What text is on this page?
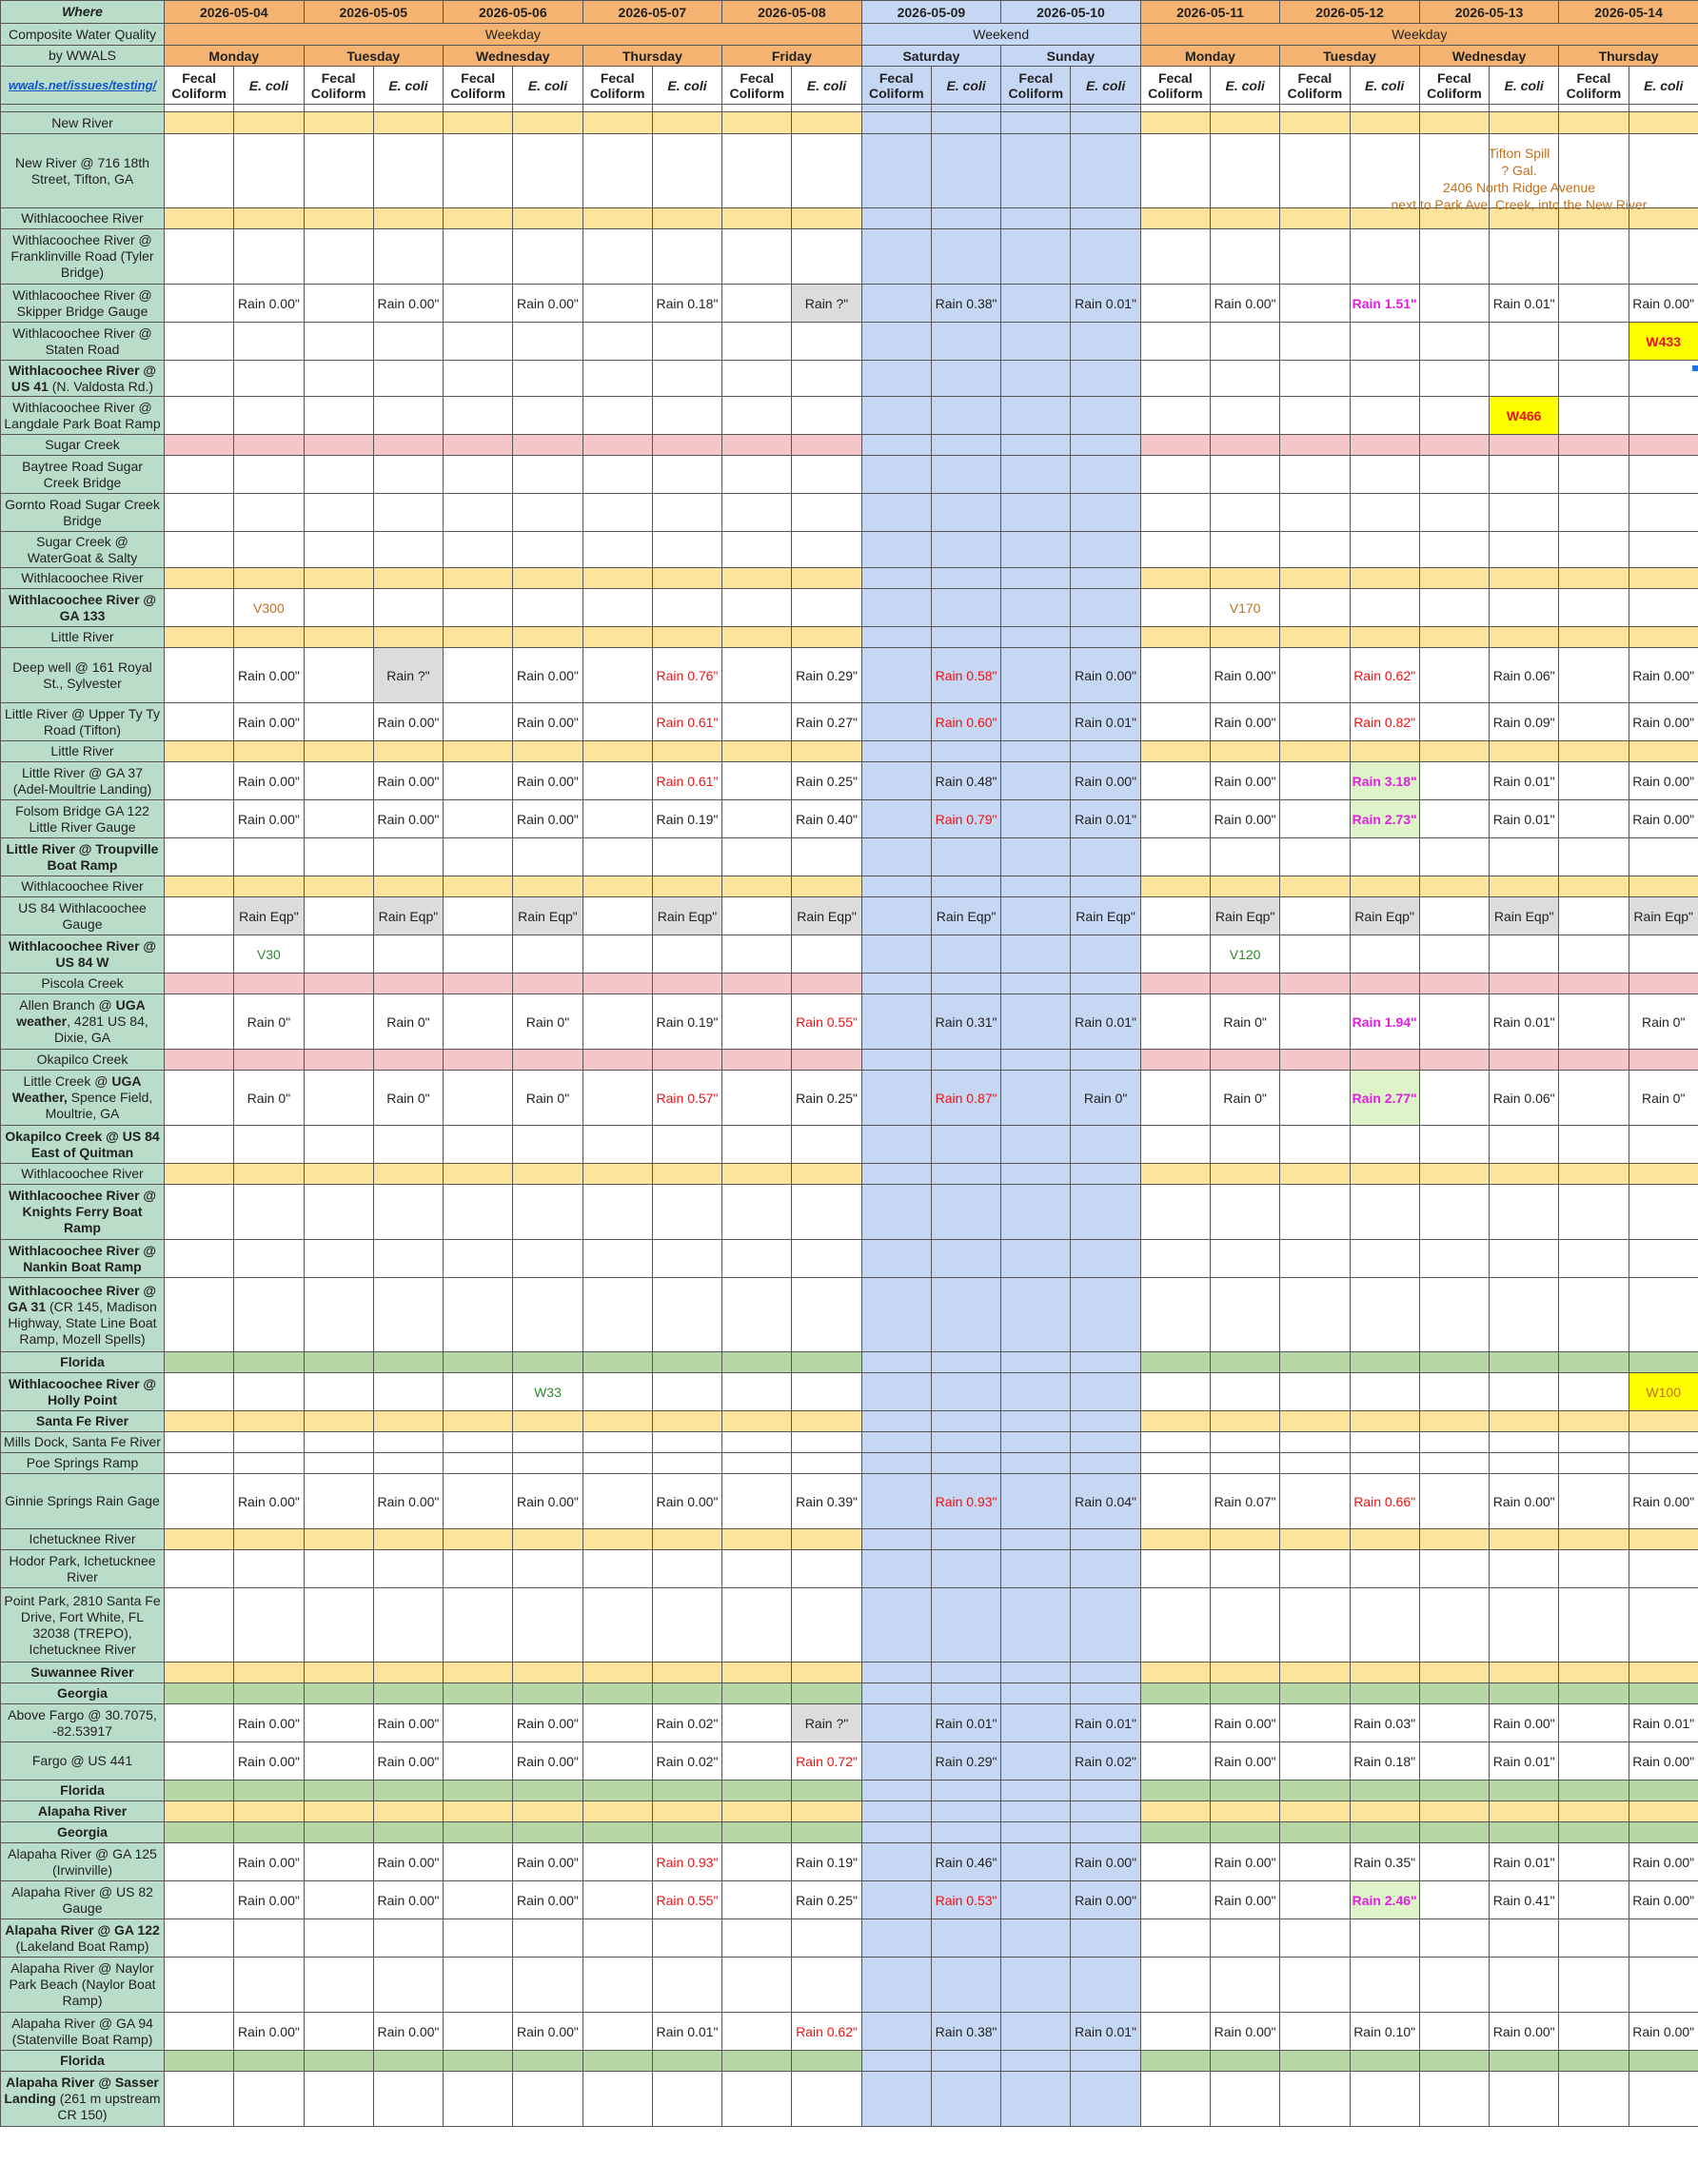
Where	2026-05-04		2026-05-05		2026-05-06		2026-05-07		2026-05-08		2026-05-09		2026-05-10		2026-05-11		2026-05-12		2026-05-13		2026-05-14	
Composite Water Quality	Weekday										Weekend				Weekday							
by WWALS	Monday		Tuesday		Wednesday		Thursday		Friday		Saturday		Sunday		Monday		Tuesday		Wednesday		Thursday	
wwals.net/issues/testing/	Fecal Coliform	E. coli	Fecal Coliform	E. coli	Fecal Coliform	E. coli	Fecal Coliform	E. coli	Fecal Coliform	E. coli	Fecal Coliform	E. coli	Fecal Coliform	E. coli	Fecal Coliform	E. coli	Fecal Coliform	E. coli	Fecal Coliform	E. coli	Fecal Coliform	E. coli

New River																						
New River @ 716 18th Street, Tifton, GA																						
Withlacoochee River																						
Withlacoochee River @ Franklinville Road (Tyler Bridge)																						
Withlacoochee River @ Skipper Bridge Gauge		Rain 0.00"		Rain 0.00"		Rain 0.00"		Rain 0.18"		Rain ?"		Rain 0.38"		Rain 0.01"		Rain 0.00"		Rain 1.51"		Rain 0.01"		Rain 0.00"
Withlacoochee River @ Staten Road																						W433
Withlacoochee River @ US 41 (N. Valdosta Rd.)																						
Withlacoochee River @ Langdale Park Boat Ramp																				W466		
Sugar Creek																						
Baytree Road Sugar Creek Bridge																						
Gornto Road Sugar Creek Bridge																						
Sugar Creek @ WaterGoat & Salty																						
Withlacoochee River																						
Withlacoochee River @ GA 133		V300														V170						
Little River																						
Deep well @ 161 Royal St., Sylvester		Rain 0.00"		Rain ?"		Rain 0.00"		Rain 0.76"		Rain 0.29"		Rain 0.58"		Rain 0.00"		Rain 0.00"		Rain 0.62"		Rain 0.06"		Rain 0.00"
Little River @ Upper Ty Ty Road (Tifton)		Rain 0.00"		Rain 0.00"		Rain 0.00"		Rain 0.61"		Rain 0.27"		Rain 0.60"		Rain 0.01"		Rain 0.00"		Rain 0.82"		Rain 0.09"		Rain 0.00"
Little River																						
Little River @ GA 37 (Adel-Moultrie Landing)		Rain 0.00"		Rain 0.00"		Rain 0.00"		Rain 0.61"		Rain 0.25"		Rain 0.48"		Rain 0.00"		Rain 0.00"		Rain 3.18"		Rain 0.01"		Rain 0.00"
Folsom Bridge GA 122 Little River Gauge		Rain 0.00"		Rain 0.00"		Rain 0.00"		Rain 0.19"		Rain 0.40"		Rain 0.79"		Rain 0.01"		Rain 0.00"		Rain 2.73"		Rain 0.01"		Rain 0.00"
Little River @ Troupville Boat Ramp																						
Withlacoochee River																						
US 84 Withlacoochee Gauge		Rain Eqp"		Rain Eqp"		Rain Eqp"		Rain Eqp"		Rain Eqp"		Rain Eqp"		Rain Eqp"		Rain Eqp"		Rain Eqp"		Rain Eqp"		Rain Eqp"
Withlacoochee River @ US 84 W		V30														V120						
Piscola Creek																						
Allen Branch @ UGA weather, 4281 US 84, Dixie, GA		Rain 0"		Rain 0"		Rain 0"		Rain 0.19"		Rain 0.55"		Rain 0.31"		Rain 0.01"		Rain 0"		Rain 1.94"		Rain 0.01"		Rain 0"
Okapilco Creek																						
Little Creek @ UGA Weather, Spence Field, Moultrie, GA		Rain 0"		Rain 0"		Rain 0"		Rain 0.57"		Rain 0.25"		Rain 0.87"		Rain 0"		Rain 0"		Rain 2.77"		Rain 0.06"		Rain 0"
Okapilco Creek @ US 84 East of Quitman																						
Withlacoochee River																						
Withlacoochee River @ Knights Ferry Boat Ramp																						
Withlacoochee River @ Nankin Boat Ramp																						
Withlacoochee River @ GA 31 (CR 145, Madison Highway, State Line Boat Ramp, Mozell Spells)																						
Florida																						
Withlacoochee River @ Holly Point						W33																W100
Santa Fe River																						
Mills Dock, Santa Fe River																						
Poe Springs Ramp																						
Ginnie Springs Rain Gage		Rain 0.00"		Rain 0.00"		Rain 0.00"		Rain 0.00"		Rain 0.39"		Rain 0.93"		Rain 0.04"		Rain 0.07"		Rain 0.66"		Rain 0.00"		Rain 0.00"
Ichetucknee River																						
Hodor Park, Ichetucknee River																						
Point Park, 2810 Santa Fe Drive, Fort White, FL 32038 (TREPO), Ichetucknee River																						
Suwannee River																						
Georgia																						
Above Fargo @ 30.7075, -82.53917		Rain 0.00"		Rain 0.00"		Rain 0.00"		Rain 0.02"		Rain ?"		Rain 0.01"		Rain 0.01"		Rain 0.00"		Rain 0.03"		Rain 0.00"		Rain 0.01"
Fargo @ US 441		Rain 0.00"		Rain 0.00"		Rain 0.00"		Rain 0.02"		Rain 0.72"		Rain 0.29"		Rain 0.02"		Rain 0.00"		Rain 0.18"		Rain 0.01"		Rain 0.00"
Florida																						
Alapaha River																						
Georgia																						
Alapaha River @ GA 125 (Irwinville)		Rain 0.00"		Rain 0.00"		Rain 0.00"		Rain 0.93"		Rain 0.19"		Rain 0.46"		Rain 0.00"		Rain 0.00"		Rain 0.35"		Rain 0.01"		Rain 0.00"
Alapaha River @ US 82 Gauge		Rain 0.00"		Rain 0.00"		Rain 0.00"		Rain 0.55"		Rain 0.25"		Rain 0.53"		Rain 0.00"		Rain 0.00"		Rain 2.46"		Rain 0.41"		Rain 0.00"
Alapaha River @ GA 122 (Lakeland Boat Ramp)																						
Alapaha River @ Naylor Park Beach (Naylor Boat Ramp)																						
Alapaha River @ GA 94 (Statenville Boat Ramp)		Rain 0.00"		Rain 0.00"		Rain 0.00"		Rain 0.01"		Rain 0.62"		Rain 0.38"		Rain 0.01"		Rain 0.00"		Rain 0.10"		Rain 0.00"		Rain 0.00"
Florida																						
Alapaha River @ Sasser Landing (261 m upstream CR 150)																						
Tifton Spill
? Gal.
2406 North Ridge Avenue
next to Park Ave. Creek, into the New River
